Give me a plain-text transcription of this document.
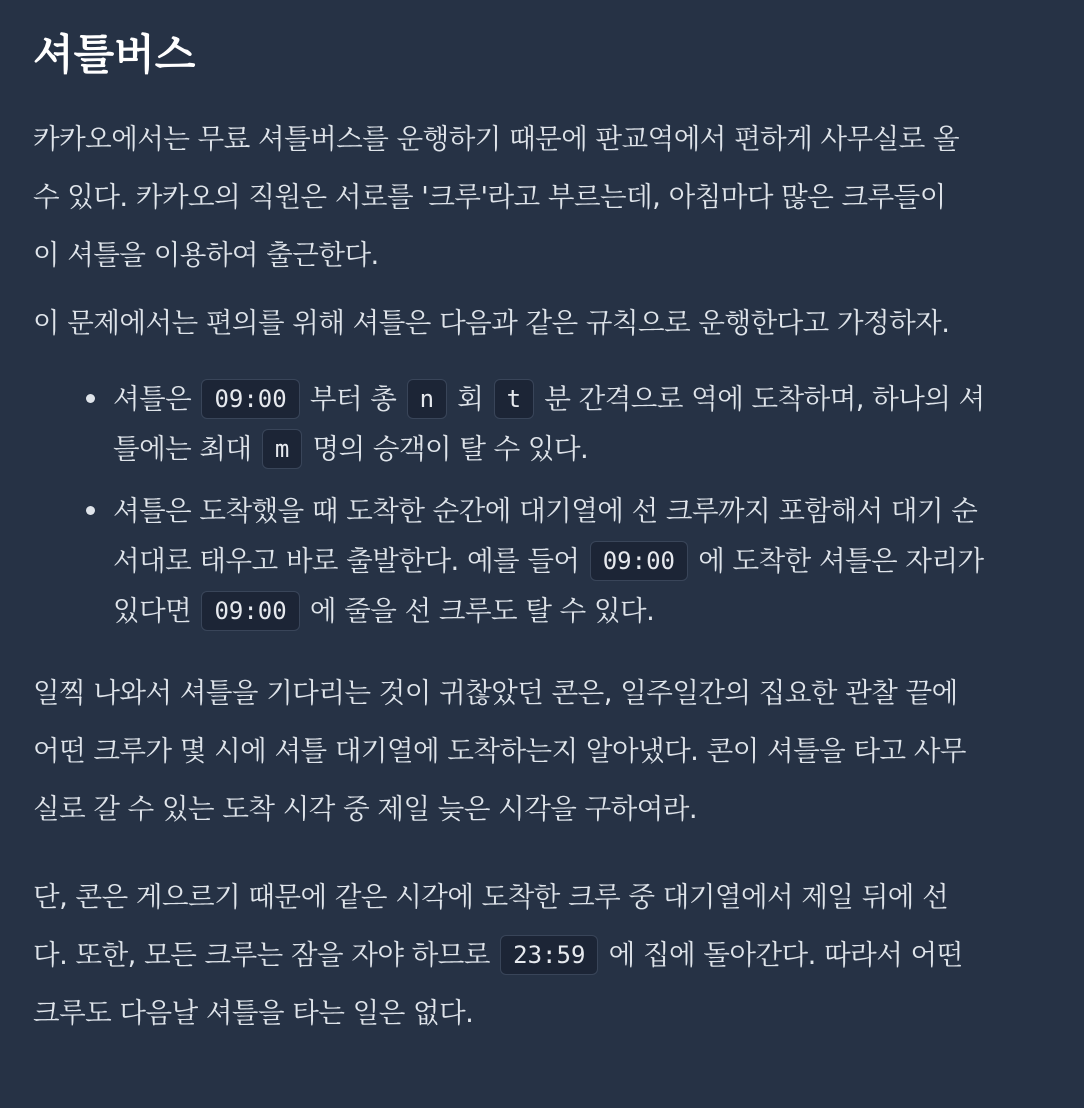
셔틀버스

카카오에서는 무료 셔틀버스를 운행하기 때문에 판교역에서 편하게 사무실로 올
수 있다. 카카오의 직원은 서로를 '크루'라고 부르는데, 아침마다 많은 크루들이
이 셔틀을 이용하여 출근한다.

이 문제에서는 편의를 위해 셔틀은 다음과 같은 규칙으로 운행한다고 가정하자.

셔틀은 09:00 부터 총 n 회 t 분 간격으로 역에 도착하며, 하나의 셔
틀에는 최대 m 명의 승객이 탈 수 있다.
셔틀은 도착했을 때 도착한 순간에 대기열에 선 크루까지 포함해서 대기 순
서대로 태우고 바로 출발한다. 예를 들어 09:00 에 도착한 셔틀은 자리가
있다면 09:00 에 줄을 선 크루도 탈 수 있다.

일찍 나와서 셔틀을 기다리는 것이 귀찮았던 콘은, 일주일간의 집요한 관찰 끝에
어떤 크루가 몇 시에 셔틀 대기열에 도착하는지 알아냈다. 콘이 셔틀을 타고 사무
실로 갈 수 있는 도착 시각 중 제일 늦은 시각을 구하여라.

단, 콘은 게으르기 때문에 같은 시각에 도착한 크루 중 대기열에서 제일 뒤에 선
다. 또한, 모든 크루는 잠을 자야 하므로 23:59 에 집에 돌아간다. 따라서 어떤
크루도 다음날 셔틀을 타는 일은 없다.
